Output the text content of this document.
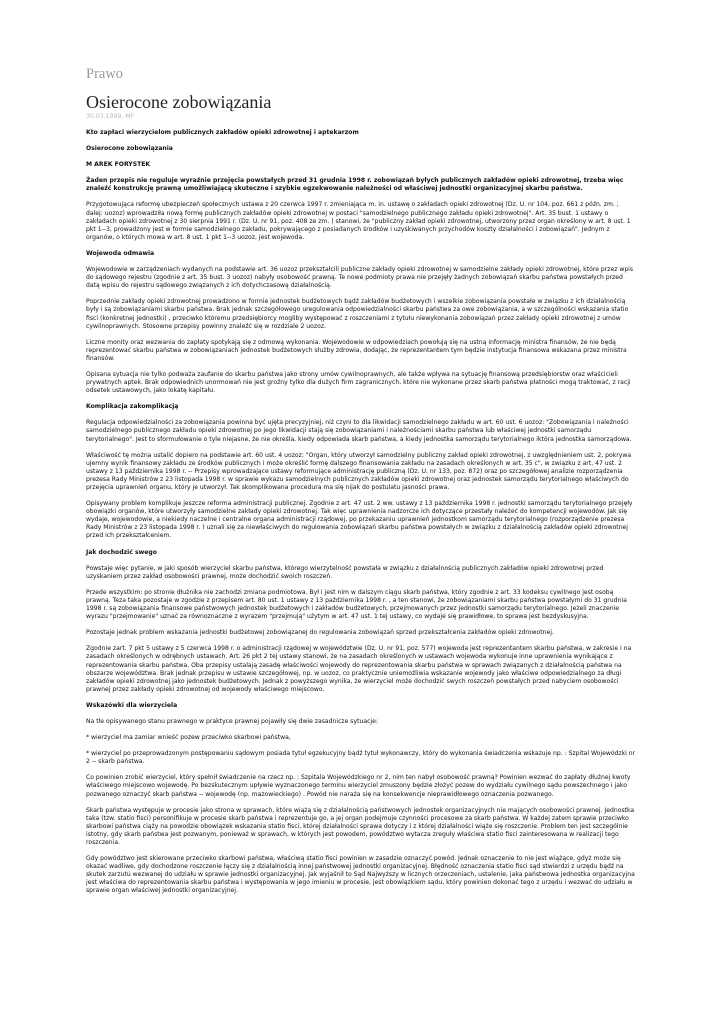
Prawo
Osierocone zobowiązania
30.03.1999, MF

Kto zapłaci wierzycielom publicznych zakładów opieki zdrowotnej i aptekarzom

Osierocone zobowiązania

M AREK FORYSTEK

Żaden przepis nie reguluje wyraźnie przejęcia powstałych przed 31 grudnia 1998 r. zobowiązań byłych publicznych zakładów opieki zdrowotnej, trzeba więc znaleźć konstrukcję prawną umożliwiającą skuteczne i szybkie egzekwowanie należności od właściwej jednostki organizacyjnej skarbu państwa.

Przygotowująca reformę ubezpieczeń społecznych ustawa z 20 czerwca 1997 r. zmieniająca m. in. ustawę o zakładach opieki zdrowotnej (Dz. U. nr 104, poz. 661 z późn. zm. ; dalej: uozoz) wprowadziła nową formę publicznych zakładów opieki zdrowotnej w postaci "samodzielnego publicznego zakładu opieki zdrowotnej". Art. 35 bust. 1 ustawy o zakładach opieki zdrowotnej z 30 sierpnia 1991 r. (Dz. U. nr 91, poz. 408 ze zm. ) stanowi, że "publiczny zakład opieki zdrowotnej, utworzony przez organ określony w art. 8 ust. 1 pkt 1--3, prowadzony jest w formie samodzielnego zakładu, pokrywającego z posiadanych środków i uzyskiwanych przychodów koszty działalności i zobowiązań". Jednym z organów, o których mowa w art. 8 ust. 1 pkt 1--3 uozoz, jest wojewoda.

Wojewoda odmawia

Wojewodowie w zarządzeniach wydanych na podstawie art. 36 uozoz przekształcili publiczne zakłady opieki zdrowotnej w samodzielne zakłady opieki zdrowotnej, które przez wpis do sądowego rejestru (zgodnie z art. 35 bust. 3 uozoz) nabyły osobowość prawną. Te nowe podmioty prawa nie przejęły żadnych zobowiązań skarbu państwa powstałych przed datą wpisu do rejestru sądowego związanych z ich dotychczasową działalnością.

Poprzednie zakłady opieki zdrowotnej prowadzono w formie jednostek budżetowych bądź zakładów budżetowych i wszelkie zobowiązania powstałe w związku z ich działalnością były i są zobowiązaniami skarbu państwa. Brak jednak szczegółowego uregulowania odpowiedzialności skarbu państwa za owe zobowiązania, a w szczególności wskazania statio fisci (konkretnej jednostki) , przeciwko któremu przedsiębiorcy mogliby występować z roszczeniami z tytułu niewykonania zobowiązań przez zakłady opieki zdrowotnej z umów cywilnoprawnych. Stosowne przepisy powinny znaleźć się w rozdziale 2 uozoz.

Liczne monity oraz wezwania do zapłaty spotykają się z odmową wykonania. Wojewodowie w odpowiedziach powołują się na ustną informację ministra finansów, że nie będą reprezentować skarbu państwa w zobowiązaniach jednostek budżetowych służby zdrowia, dodając, że reprezentantem tym będzie instytucja finansowa wskazana przez ministra finansów.

Opisana sytuacja nie tylko podważa zaufanie do skarbu państwa jako strony umów cywilnoprawnych, ale także wpływa na sytuację finansową przedsiębiorstw oraz właścicieli prywatnych aptek. Brak odpowiednich unormowań nie jest groźny tylko dla dużych firm zagranicznych, które nie wykonane przez skarb państwa płatności mogą traktować, z racji odsetek ustawowych, jako lokatę kapitału.

Komplikacja zakomplikacją

Regulacja odpowiedzialności za zobowiązania powinna być ujęta precyzyjniej, niż czyni to dla likwidacji samodzielnego zakładu w art. 60 ust. 6 uozoz: "Zobowiązania i należności samodzielnego publicznego zakładu opieki zdrowotnej po jego likwidacji stają się zobowiązaniami i należnościami skarbu państwa lub właściwej jednostki samorządu terytorialnego". Jest to sformułowanie o tyle niejasne, że nie określa, kiedy odpowiada skarb państwa, a kiedy jednostka samorządu terytorialnego iktóra jednostka samorządowa.

Właściwość tę można ustalić dopiero na podstawie art. 60 ust. 4 uozoz: "Organ, który utworzył samodzielny publiczny zakład opieki zdrowotnej, z uwzględnieniem ust. 2, pokrywa ujemny wynik finansowy zakładu ze środków publicznych i może określić formę dalszego finansowania zakładu na zasadach określonych w art. 35 c", w związku z art. 47 ust. 2 ustawy z 13 października 1998 r. -- Przepisy wprowadzające ustawy reformujące administrację publiczną (Dz. U. nr 133, poz. 872) oraz po szczegółowej analizie rozporządzenia prezesa Rady Ministrów z 23 listopada 1998 r. w sprawie wykazu samodzielnych publicznych zakładów opieki zdrowotnej oraz jednostek samorządu terytorialnego właściwych do przejęcia uprawnień organu, który je utworzył. Tak skomplikowana procedura ma się nijak do postulatu jasności prawa.

Opisywany problem komplikuje jeszcze reforma administracji publicznej. Zgodnie z art. 47 ust. 2 ww. ustawy z 13 października 1998 r. jednostki samorządu terytorialnego przejęły obowiązki organów, które utworzyły samodzielne zakłady opieki zdrowotnej. Tak więc uprawnienia nadzorcze ich dotyczące przestały należeć do kompetencji wojewodów. Jak się wydaje, wojewodowie, a niekiedy naczelne i centralne organa administracji rządowej, po przekazaniu uprawnień jednostkom samorządu terytorialnego (rozporządzenie prezesa Rady Ministrów z 23 listopada 1998 r. ) uznali się za niewłaściwych do regulowania zobowiązań skarbu państwa powstałych w związku z działalnością zakładów opieki zdrowotnej przed ich przekształceniem.

Jak dochodzić swego

Powstaje więc pytanie, w jaki sposób wierzyciel skarbu państwa, którego wierzytelność powstała w związku z działalnością publicznych zakładów opieki zdrowotnej przed uzyskaniem przez zakład osobowości prawnej, może dochodzić swoich roszczeń.

Przede wszystkim: po stronie dłużnika nie zachodzi zmiana podmiotowa. Był i jest nim w dalszym ciągu skarb państwa, który zgodnie z art. 33 kodeksu cywilnego jest osobą prawną. Teza taka pozostaje w zgodzie z przepisem art. 80 ust. 1 ustawy z 13 października 1998 r. , a ten stanowi, że zobowiązaniami skarbu państwa powstałymi do 31 grudnia 1998 r. są zobowiązania finansowe państwowych jednostek budżetowych i zakładów budżetowych, przejmowanych przez jednostki samorządu terytorialnego. Jeżeli znaczenie wyrazu "przejmowanie" uznać za równoznaczne z wyrazem "przejmują" użytym w art. 47 ust. 1 tej ustawy, co wydaje się prawidłowe, to sprawa jest bezdyskusyjna.

Pozostaje jednak problem wskazania jednostki budżetowej zobowiązanej do regulowania zobowiązań sprzed przekształcenia zakładów opieki zdrowotnej.

Zgodnie zart. 7 pkt 5 ustawy z 5 czerwca 1998 r. o administracji rządowej w województwie (Dz. U. nr 91, poz. 577) wojewoda jest reprezentantem skarbu państwa, w zakresie i na zasadach określonych w odrębnych ustawach. Art. 26 pkt 2 tej ustawy stanowi, że na zasadach określonych w ustawach wojewoda wykonuje inne uprawnienia wynikające z reprezentowania skarbu państwa. Oba przepisy ustalają zasadę właściwości wojewody do reprezentowania skarbu państwa w sprawach związanych z działalnością państwa na obszarze województwa. Brak jednak przepisu w ustawie szczegółowej, np. w uozoz, co praktycznie uniemożliwia wskazanie wojewody jako właściwe odpowiedzialnego za długi zakładów opieki zdrowotnej jako jednostek budżetowych. Jednak z powyższego wynika, że wierzyciel może dochodzić swych roszczeń powstałych przed nabyciem osobowości prawnej przez zakłady opieki zdrowotnej od wojewody właściwego miejscowo.

Wskazówki dla wierzyciela

Na tle opisywanego stanu prawnego w praktyce prawnej pojawiły się dwie zasadnicze sytuacje:

* wierzyciel ma zamiar wnieść pozew przeciwko skarbowi państwa,

* wierzyciel po przeprowadzonym postępowaniu sądowym posiada tytuł egzekucyjny bądź tytuł wykonawczy, który do wykonania świadczenia wskazuje np. : Szpital Wojewódzki nr 2 -- skarb państwa.

Co powinien zrobić wierzyciel, który spełnił świadczenie na rzecz np. : Szpitala Wojewódzkiego nr 2, nim ten nabył osobowość prawną? Powinien wezwać do zapłaty dłużnej kwoty właściwego miejscowo wojewodę. Po bezskutecznym upływie wyznaczonego terminu wierzyciel zmuszony będzie złożyć pozew do wydziału cywilnego sądu powszechnego i jako pozwanego oznaczyć skarb państwa -- wojewodę (np. mazowieckiego) . Powód nie naraża się na konsekwencje nieprawidłowego oznaczenia pozwanego.

Skarb państwa występuje w procesie jako strona w sprawach, które wiążą się z działalnością państwowych jednostek organizacyjnych nie mających osobowości prawnej. Jednostka taka (tzw. statio fisci) personifikuje w procesie skarb państwa i reprezentuje go, a jej organ podejmuje czynności procesowe za skarb państwa. W każdej zatem sprawie przeciwko skarbowi państwa ciąży na powodzie obowiązek wskazania statio fisci, której działalności sprawa dotyczy i z której działalności wiąże się roszczenie. Problem ten jest szczególnie istotny, gdy skarb państwa jest pozwanym, ponieważ w sprawach, w których jest powodem, powództwo wytacza zreguły właściwa statio fisci zainteresowana w realizacji tego roszczenia.

Gdy powództwo jest skierowane przeciwko skarbowi państwa, właściwą statio fisci powinien w zasadzie oznaczyć powód. Jednak oznaczenie to nie jest wiążące, gdyż może się okazać wadliwe, gdy dochodzone roszczenie łączy się z działalnością innej państwowej jednostki organizacyjnej. Błędność oznaczenia statio fisci sąd stwierdzi z urzędu bądź na skutek zarzutu wezwanej do udziału w sprawie jednostki organizacyjnej. Jak wyjaśnił to Sąd Najwyższy w licznych orzeczeniach, ustalenie, jaka państwowa jednostka organizacyjna jest właściwa do reprezentowania skarbu państwa i występowania w jego imieniu w procesie, jest obowiązkiem sądu, który powinien dokonać tego z urzędu i wezwać do udziału w sprawie organ właściwej jednostki organizacyjnej.
